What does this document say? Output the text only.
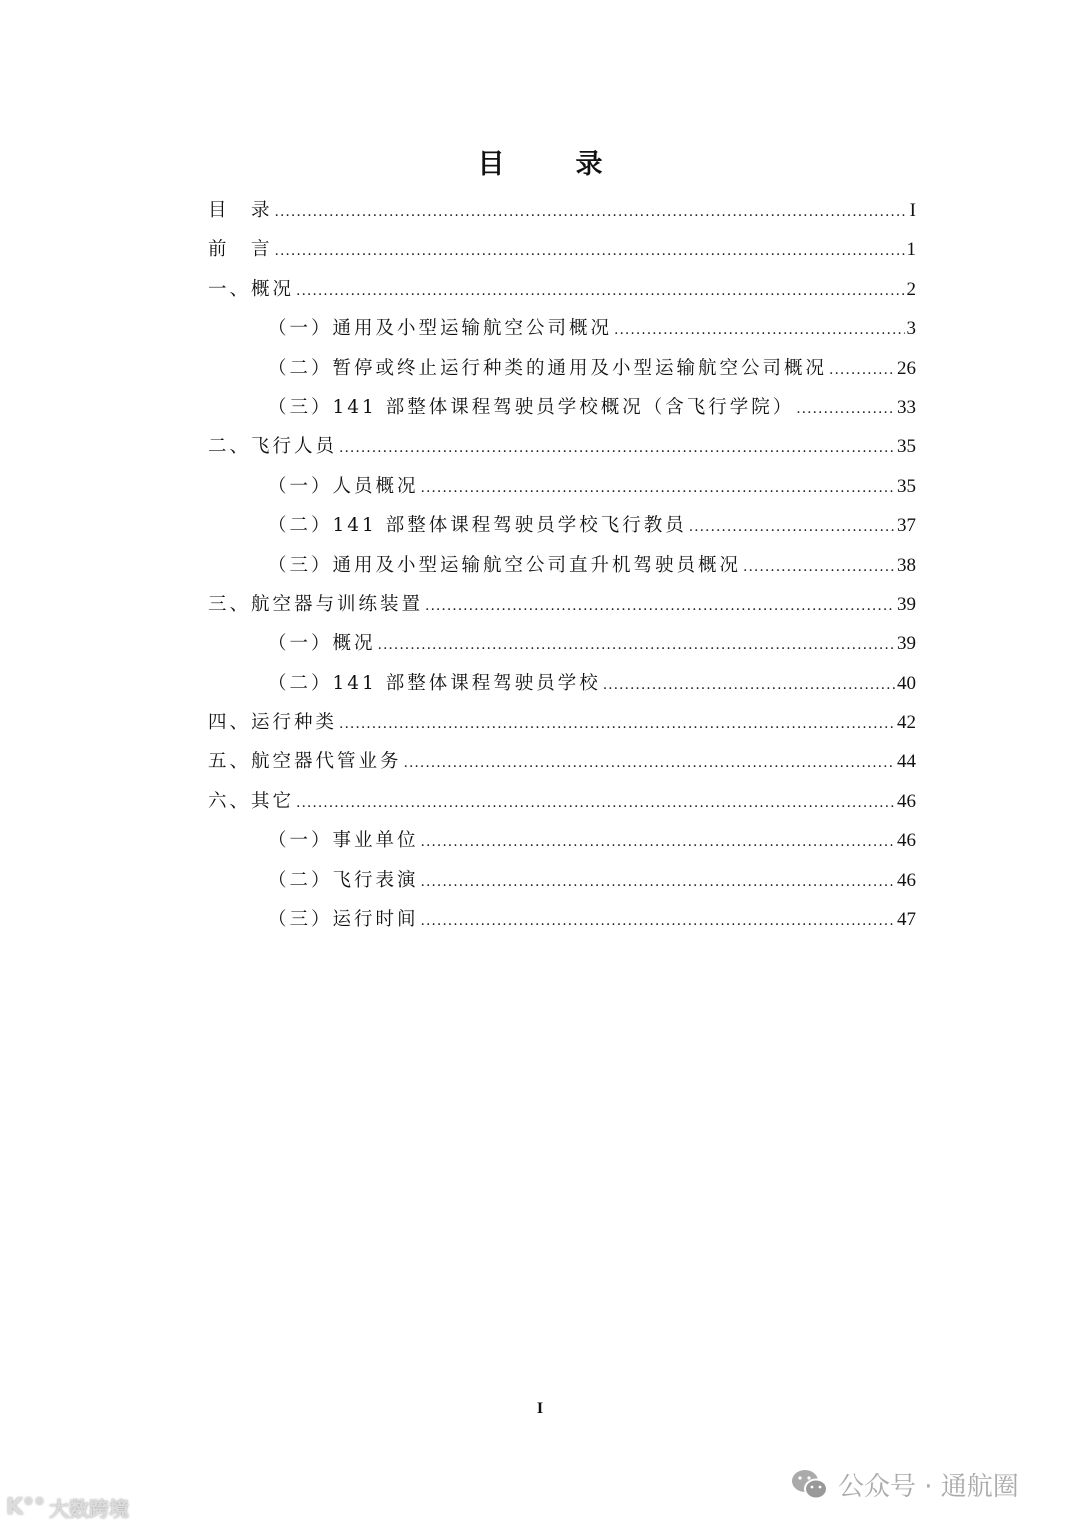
目　录
目　录 .....	I
前　言 .....	1
一、概况 .....	2
（一）通用及小型运输航空公司概况 .....	3
（二）暂停或终止运行种类的通用及小型运输航空公司概况 .....	26
（三）141 部整体课程驾驶员学校概况（含飞行学院） .....	33
二、飞行人员 .....	35
（一）人员概况 .....	35
（二）141 部整体课程驾驶员学校飞行教员 .....	37
（三）通用及小型运输航空公司直升机驾驶员概况 .....	38
三、航空器与训练装置 .....	39
（一）概况 .....	39
（二）141 部整体课程驾驶员学校 .....	40
四、运行种类 .....	42
五、航空器代管业务 .....	44
六、其它 .....	46
（一）事业单位 .....	46
（二）飞行表演 .....	46
（三）运行时间 .....	47
I
公众号 · 通航圈
K°° 大数跨境
